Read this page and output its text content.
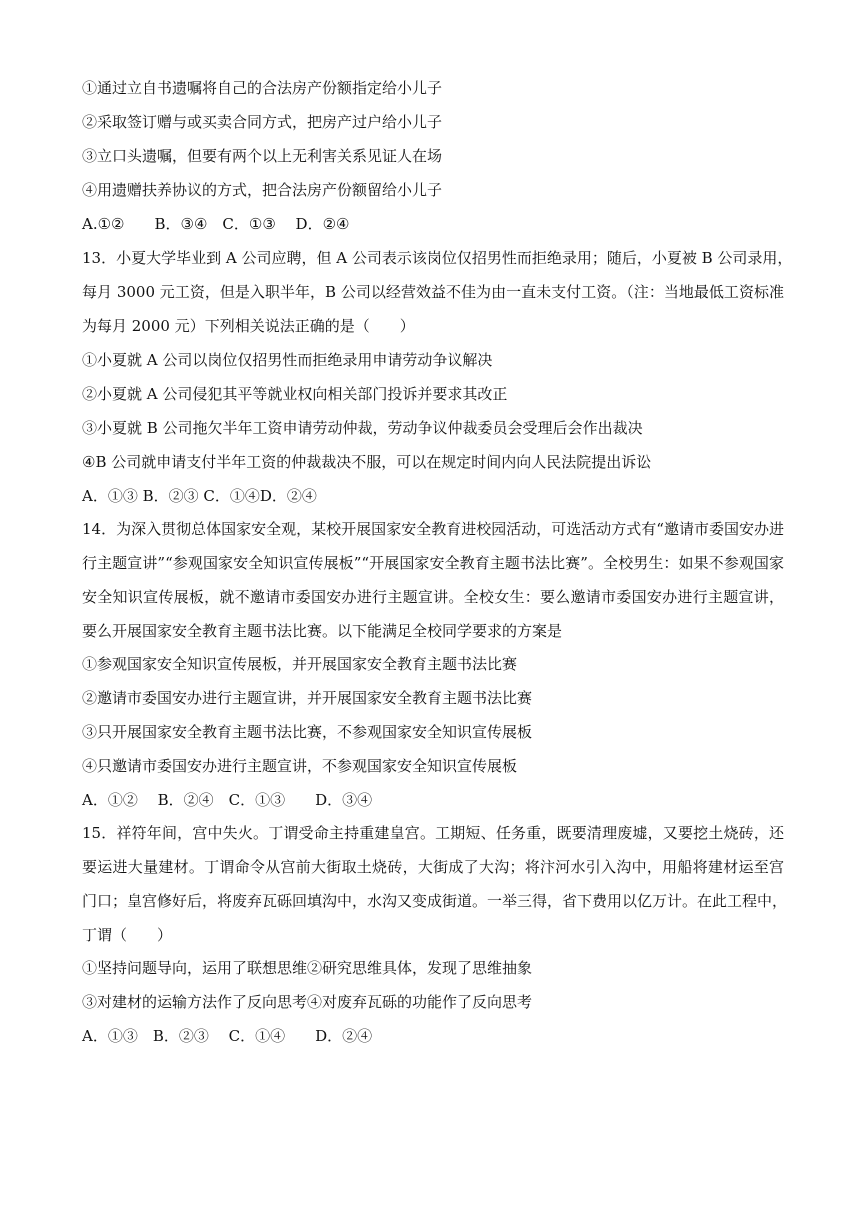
①通过立自书遗嘱将自己的合法房产份额指定给小儿子
②采取签订赠与或买卖合同方式，把房产过户给小儿子
③立口头遗嘱，但要有两个以上无利害关系见证人在场
④用遗赠扶养协议的方式，把合法房产份额留给小儿子
A.①②　　B．③④　C．①③　 D．②④
13．小夏大学毕业到 A 公司应聘，但 A 公司表示该岗位仅招男性而拒绝录用；随后，小夏被 B 公司录用，
每月 3000 元工资，但是入职半年，B 公司以经营效益不佳为由一直未支付工资。（注：当地最低工资标准
为每月 2000 元）下列相关说法正确的是（　　）
①小夏就 A 公司以岗位仅招男性而拒绝录用申请劳动争议解决
②小夏就 A 公司侵犯其平等就业权向相关部门投诉并要求其改正
③小夏就 B 公司拖欠半年工资申请劳动仲裁，劳动争议仲裁委员会受理后会作出裁决
④B 公司就申请支付半年工资的仲裁裁决不服，可以在规定时间内向人民法院提出诉讼
A．①③ B．②③ C．①④D．②④
14．为深入贯彻总体国家安全观，某校开展国家安全教育进校园活动，可选活动方式有“邀请市委国安办进
行主题宣讲”“参观国家安全知识宣传展板”“开展国家安全教育主题书法比赛”。全校男生：如果不参观国家
安全知识宣传展板，就不邀请市委国安办进行主题宣讲。全校女生：要么邀请市委国安办进行主题宣讲，
要么开展国家安全教育主题书法比赛。以下能满足全校同学要求的方案是
①参观国家安全知识宣传展板，并开展国家安全教育主题书法比赛
②邀请市委国安办进行主题宣讲，并开展国家安全教育主题书法比赛
③只开展国家安全教育主题书法比赛，不参观国家安全知识宣传展板
④只邀请市委国安办进行主题宣讲，不参观国家安全知识宣传展板
A．①②　 B．②④　C．①③　　D．③④
15．祥符年间，宫中失火。丁谓受命主持重建皇宫。工期短、任务重，既要清理废墟，又要挖土烧砖，还
要运进大量建材。丁谓命令从宫前大街取土烧砖，大街成了大沟；将汴河水引入沟中，用船将建材运至宫
门口；皇宫修好后，将废弃瓦砾回填沟中，水沟又变成街道。一举三得，省下费用以亿万计。在此工程中，
丁谓（　　）
①坚持问题导向，运用了联想思维②研究思维具体，发现了思维抽象
③对建材的运输方法作了反向思考④对废弃瓦砾的功能作了反向思考
A．①③　B．②③　 C．①④　　D．②④
